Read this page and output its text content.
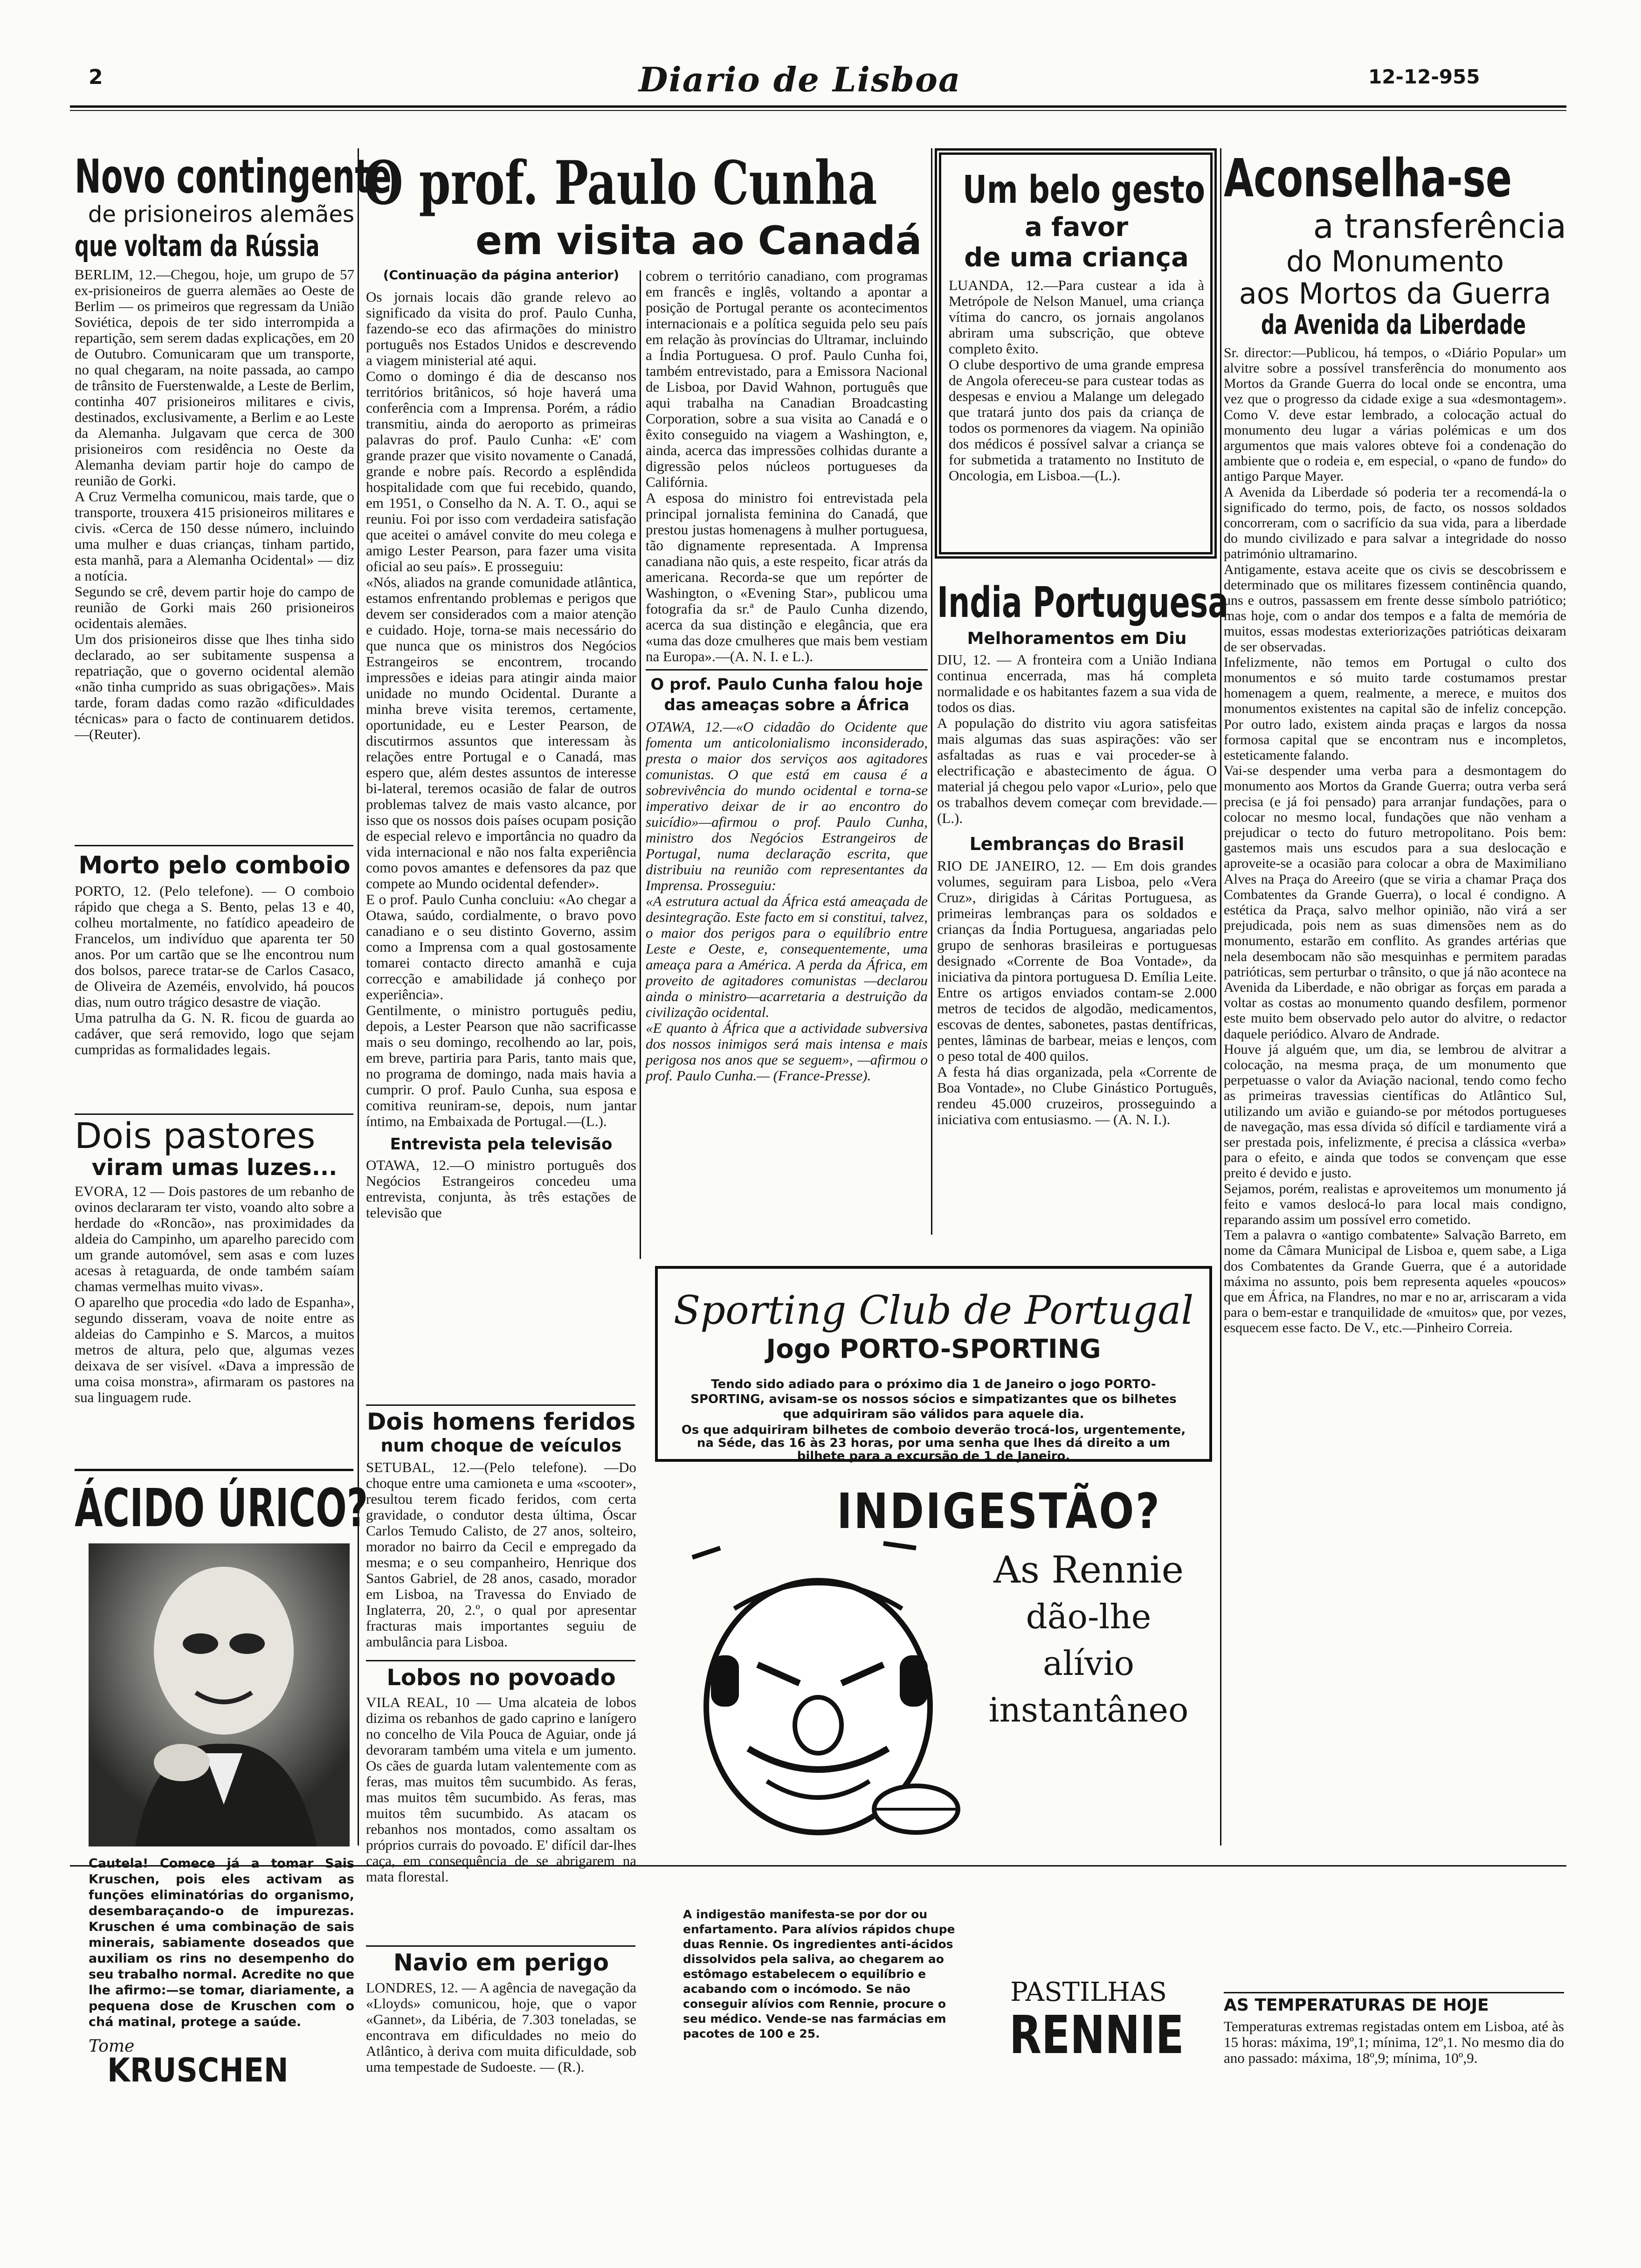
2	Diario de Lisboa	12-12-955
Novo contingente
de prisioneiros alemães
que voltam da Rússia

BERLIM, 12.—Chegou, hoje, um grupo de 57 ex-prisioneiros de guerra alemães ao Oeste de Berlim — os primeiros que regressam da União Soviética, depois de ter sido interrompida a repartição, sem serem dadas explicações, em 20 de Outubro. Comunicaram que um transporte, no qual chegaram, na noite passada, ao campo de trânsito de Fuerstenwalde, a Leste de Berlim, continha 407 prisioneiros militares e civis, destinados, exclusivamente, a Berlim e ao Leste da Alemanha. Julgavam que cerca de 300 prisioneiros com residência no Oeste da Alemanha deviam partir hoje do campo de reunião de Gorki.
A Cruz Vermelha comunicou, mais tarde, que o transporte, trouxera 415 prisioneiros militares e civis. «Cerca de 150 desse número, incluindo uma mulher e duas crianças, tinham partido, esta manhã, para a Alemanha Ocidental» — diz a notícia.
Segundo se crê, devem partir hoje do campo de reunião de Gorki mais 260 prisioneiros ocidentais alemães.
Um dos prisioneiros disse que lhes tinha sido declarado, ao ser subitamente suspensa a repatriação, que o governo ocidental alemão «não tinha cumprido as suas obrigações». Mais tarde, foram dadas como razão «dificuldades técnicas» para o facto de continuarem detidos.—(Reuter).

Morto pelo comboio

PORTO, 12. (Pelo telefone). — O comboio rápido que chega a S. Bento, pelas 13 e 40, colheu mortalmente, no fatídico apeadeiro de Francelos, um indivíduo que aparenta ter 50 anos. Por um cartão que se lhe encontrou num dos bolsos, parece tratar-se de Carlos Casaco, de Oliveira de Azeméis, envolvido, há poucos dias, num outro trágico desastre de viação.
Uma patrulha da G. N. R. ficou de guarda ao cadáver, que será removido, logo que sejam cumpridas as formalidades legais.

Dois pastores
viram umas luzes...

EVORA, 12 — Dois pastores de um rebanho de ovinos declararam ter visto, voando alto sobre a herdade do «Roncão», nas proximidades da aldeia do Campinho, um aparelho parecido com um grande automóvel, sem asas e com luzes acesas à retaguarda, de onde também saíam chamas vermelhas muito vivas».
O aparelho que procedia «do lado de Espanha», segundo disseram, voava de noite entre as aldeias do Campinho e S. Marcos, a muitos metros de altura, pelo que, algumas vezes deixava de ser visível. «Dava a impressão de uma coisa monstra», afirmaram os pastores na sua linguagem rude.

ÁCIDO ÚRICO?

Cautela! Comece já a tomar Sais Kruschen, pois eles activam as funções eliminatórias do organismo, desembaraçando-o de impurezas. Kruschen é uma combinação de sais minerais, sabiamente doseados que auxiliam os rins no desempenho do seu trabalho normal. Acredite no que lhe afirmo:—se tomar, diariamente, a pequena dose de Kruschen com o chá matinal, protege a saúde.

Tome
KRUSCHEN
O prof. Paulo Cunha
em visita ao Canadá
(Continuação da página anterior)

Os jornais locais dão grande relevo ao significado da visita do prof. Paulo Cunha, fazendo-se eco das afirmações do ministro português nos Estados Unidos e descrevendo a viagem ministerial até aqui.
Como o domingo é dia de descanso nos territórios britânicos, só hoje haverá uma conferência com a Imprensa. Porém, a rádio transmitiu, ainda do aeroporto as primeiras palavras do prof. Paulo Cunha: «E' com grande prazer que visito novamente o Canadá, grande e nobre país. Recordo a esplêndida hospitalidade com que fui recebido, quando, em 1951, o Conselho da N. A. T. O., aqui se reuniu. Foi por isso com verdadeira satisfação que aceitei o amável convite do meu colega e amigo Lester Pearson, para fazer uma visita oficial ao seu país». E prosseguiu:
«Nós, aliados na grande comunidade atlântica, estamos enfrentando problemas e perigos que devem ser considerados com a maior atenção e cuidado. Hoje, torna-se mais necessário do que nunca que os ministros dos Negócios Estrangeiros se encontrem, trocando impressões e ideias para atingir ainda maior unidade no mundo Ocidental. Durante a minha breve visita teremos, certamente, oportunidade, eu e Lester Pearson, de discutirmos assuntos que interessam às relações entre Portugal e o Canadá, mas espero que, além destes assuntos de interesse bi-lateral, teremos ocasião de falar de outros problemas talvez de mais vasto alcance, por isso que os nossos dois países ocupam posição de especial relevo e importância no quadro da vida internacional e não nos falta experiência como povos amantes e defensores da paz que compete ao Mundo ocidental defender».
E o prof. Paulo Cunha concluiu: «Ao chegar a Otawa, saúdo, cordialmente, o bravo povo canadiano e o seu distinto Governo, assim como a Imprensa com a qual gostosamente tomarei contacto directo amanhã e cuja correcção e amabilidade já conheço por experiência».
Gentilmente, o ministro português pediu, depois, a Lester Pearson que não sacrificasse mais o seu domingo, recolhendo ao lar, pois, em breve, partiria para Paris, tanto mais que, no programa de domingo, nada mais havia a cumprir. O prof. Paulo Cunha, sua esposa e comitiva reuniram-se, depois, num jantar íntimo, na Embaixada de Portugal.—(L.).

Entrevista pela televisão

OTAWA, 12.—O ministro português dos Negócios Estrangeiros concedeu uma entrevista, conjunta, às três estações de televisão que

cobrem o território canadiano, com programas em francês e inglês, voltando a apontar a posição de Portugal perante os acontecimentos internacionais e a política seguida pelo seu país em relação às províncias do Ultramar, incluindo a Índia Portuguesa. O prof. Paulo Cunha foi, também entrevistado, para a Emissora Nacional de Lisboa, por David Wahnon, português que aqui trabalha na Canadian Broadcasting Corporation, sobre a sua visita ao Canadá e o êxito conseguido na viagem a Washington, e, ainda, acerca das impressões colhidas durante a digressão pelos núcleos portugueses da Califórnia.
A esposa do ministro foi entrevistada pela principal jornalista feminina do Canadá, que prestou justas homenagens à mulher portuguesa, tão dignamente representada. A Imprensa canadiana não quis, a este respeito, ficar atrás da americana. Recorda-se que um repórter de Washington, o «Evening Star», publicou uma fotografia da sr.ª de Paulo Cunha dizendo, acerca da sua distinção e elegância, que era «uma das doze cmulheres que mais bem vestiam na Europa».—(A. N. I. e L.).

O prof. Paulo Cunha falou hoje das ameaças sobre a África

OTAWA, 12.—«O cidadão do Ocidente que fomenta um anticolonialismo inconsiderado, presta o maior dos serviços aos agitadores comunistas. O que está em causa é a sobrevivência do mundo ocidental e torna-se imperativo deixar de ir ao encontro do suicídio»—afirmou o prof. Paulo Cunha, ministro dos Negócios Estrangeiros de Portugal, numa declaração escrita, que distribuiu na reunião com representantes da Imprensa. Prosseguiu:
«A estrutura actual da África está ameaçada de desintegração. Este facto em si constitui, talvez, o maior dos perigos para o equilíbrio entre Leste e Oeste, e, consequentemente, uma ameaça para a América. A perda da África, em proveito de agitadores comunistas —declarou ainda o ministro—acarretaria a destruição da civilização ocidental.
«E quanto à África que a actividade subversiva dos nossos inimigos será mais intensa e mais perigosa nos anos que se seguem», —afirmou o prof. Paulo Cunha.— (France-Presse).

Dois homens feridos
num choque de veículos

SETUBAL, 12.—(Pelo telefone). —Do choque entre uma camioneta e uma «scooter», resultou terem ficado feridos, com certa gravidade, o condutor desta última, Óscar Carlos Temudo Calisto, de 27 anos, solteiro, morador no bairro da Cecil e empregado da mesma; e o seu companheiro, Henrique dos Santos Gabriel, de 28 anos, casado, morador em Lisboa, na Travessa do Enviado de Inglaterra, 20, 2.º, o qual por apresentar fracturas mais importantes seguiu de ambulância para Lisboa.

Lobos no povoado

VILA REAL, 10 — Uma alcateia de lobos dizima os rebanhos de gado caprino e lanígero no concelho de Vila Pouca de Aguiar, onde já devoraram também uma vitela e um jumento. Os cães de guarda lutam valentemente com as feras, mas muitos têm sucumbido. As feras, mas muitos têm sucumbido. As feras, mas muitos têm sucumbido. As atacam os rebanhos nos montados, como assaltam os próprios currais do povoado. E' difícil dar-lhes caça, em consequência de se abrigarem na mata florestal.

Navio em perigo

LONDRES, 12. — A agência de navegação da «Lloyds» comunicou, hoje, que o vapor «Gannet», da Libéria, de 7.303 toneladas, se encontrava em dificuldades no meio do Atlântico, à deriva com muita dificuldade, sob uma tempestade de Sudoeste. — (R.).

Um belo gesto
a favor
de uma criança

LUANDA, 12.—Para custear a ida à Metrópole de Nelson Manuel, uma criança vítima do cancro, os jornais angolanos abriram uma subscrição, que obteve completo êxito.
O clube desportivo de uma grande empresa de Angola ofereceu-se para custear todas as despesas e enviou a Malange um delegado que tratará junto dos pais da criança de todos os pormenores da viagem. Na opinião dos médicos é possível salvar a criança se for submetida a tratamento no Instituto de Oncologia, em Lisboa.—(L.).

India Portuguesa
Melhoramentos em Diu

DIU, 12. — A fronteira com a União Indiana continua encerrada, mas há completa normalidade e os habitantes fazem a sua vida de todos os dias.
A população do distrito viu agora satisfeitas mais algumas das suas aspirações: vão ser asfaltadas as ruas e vai proceder-se à electrificação e abastecimento de água. O material já chegou pelo vapor «Lurio», pelo que os trabalhos devem começar com brevidade.—(L.).

Lembranças do Brasil

RIO DE JANEIRO, 12. — Em dois grandes volumes, seguiram para Lisboa, pelo «Vera Cruz», dirigidas à Cáritas Portuguesa, as primeiras lembranças para os soldados e crianças da Índia Portuguesa, angariadas pelo grupo de senhoras brasileiras e portuguesas designado «Corrente de Boa Vontade», da iniciativa da pintora portuguesa D. Emília Leite. Entre os artigos enviados contam-se 2.000 metros de tecidos de algodão, medicamentos, escovas de dentes, sabonetes, pastas dentífricas, pentes, lâminas de barbear, meias e lenços, com o peso total de 400 quilos.
A festa há dias organizada, pela «Corrente de Boa Vontade», no Clube Ginástico Português, rendeu 45.000 cruzeiros, prosseguindo a iniciativa com entusiasmo. — (A. N. I.).

Aconselha-se
a transferência
do Monumento
aos Mortos da Guerra
da Avenida da Liberdade

Sr. director:—Publicou, há tempos, o «Diário Popular» um alvitre sobre a possível transferência do monumento aos Mortos da Grande Guerra do local onde se encontra, uma vez que o progresso da cidade exige a sua «desmontagem». Como V. deve estar lembrado, a colocação actual do monumento deu lugar a várias polémicas e um dos argumentos que mais valores obteve foi a condenação do ambiente que o rodeia e, em especial, o «pano de fundo» do antigo Parque Mayer.
A Avenida da Liberdade só poderia ter a recomendá-la o significado do termo, pois, de facto, os nossos soldados concorreram, com o sacrifício da sua vida, para a liberdade do mundo civilizado e para salvar a integridade do nosso património ultramarino.
Antigamente, estava aceite que os civis se descobrissem e determinado que os militares fizessem continência quando, uns e outros, passassem em frente desse símbolo patriótico; mas hoje, com o andar dos tempos e a falta de memória de muitos, essas modestas exteriorizações patrióticas deixaram de ser observadas.
Infelizmente, não temos em Portugal o culto dos monumentos e só muito tarde costumamos prestar homenagem a quem, realmente, a merece, e muitos dos monumentos existentes na capital são de infeliz concepção. Por outro lado, existem ainda praças e largos da nossa formosa capital que se encontram nus e incompletos, esteticamente falando.
Vai-se despender uma verba para a desmontagem do monumento aos Mortos da Grande Guerra; outra verba será precisa (e já foi pensado) para arranjar fundações, para o colocar no mesmo local, fundações que não venham a prejudicar o tecto do futuro metropolitano. Pois bem: gastemos mais uns escudos para a sua deslocação e aproveite-se a ocasião para colocar a obra de Maximiliano Alves na Praça do Areeiro (que se viria a chamar Praça dos Combatentes da Grande Guerra), o local é condigno. A estética da Praça, salvo melhor opinião, não virá a ser prejudicada, pois nem as suas dimensões nem as do monumento, estarão em conflito. As grandes artérias que nela desembocam não são mesquinhas e permitem paradas patrióticas, sem perturbar o trânsito, o que já não acontece na Avenida da Liberdade, e não obrigar as forças em parada a voltar as costas ao monumento quando desfilem, pormenor este muito bem observado pelo autor do alvitre, o redactor daquele periódico. Alvaro de Andrade.
Houve já alguém que, um dia, se lembrou de alvitrar a colocação, na mesma praça, de um monumento que perpetuasse o valor da Aviação nacional, tendo como fecho as primeiras travessias científicas do Atlântico Sul, utilizando um avião e guiando-se por métodos portugueses de navegação, mas essa dívida só difícil e tardiamente virá a ser prestada pois, infelizmente, é precisa a clássica «verba» para o efeito, e ainda que todos se convençam que esse preito é devido e justo.
Sejamos, porém, realistas e aproveitemos um monumento já feito e vamos deslocá-lo para local mais condigno, reparando assim um possível erro cometido.
Tem a palavra o «antigo combatente» Salvação Barreto, em nome da Câmara Municipal de Lisboa e, quem sabe, a Liga dos Combatentes da Grande Guerra, que é a autoridade máxima no assunto, pois bem representa aqueles «poucos» que em África, na Flandres, no mar e no ar, arriscaram a vida para o bem-estar e tranquilidade de «muitos» que, por vezes, esquecem esse facto. De V., etc.—Pinheiro Correia.

AS TEMPERATURAS DE HOJE

Temperaturas extremas registadas ontem em Lisboa, até às 15 horas: máxima, 19º,1; mínima, 12º,1. No mesmo dia do ano passado: máxima, 18º,9; mínima, 10º,9.

Sporting Club de Portugal
Jogo PORTO-SPORTING

Tendo sido adiado para o próximo dia 1 de Janeiro o jogo PORTO-SPORTING, avisam-se os nossos sócios e simpatizantes que os bilhetes que adquiriram são válidos para aquele dia.

Os que adquiriram bilhetes de comboio deverão trocá-los, urgentemente, na Séde, das 16 às 23 horas, por uma senha que lhes dá direito a um bilhete para a excursão de 1 de Janeiro.

INDIGESTÃO?
As Rennie
dão-lhe
alívio
instantâneo

A indigestão manifesta-se por dor ou enfartamento. Para alívios rápidos chupe duas Rennie. Os ingredientes anti-ácidos dissolvidos pela saliva, ao chegarem ao estômago estabelecem o equilíbrio e acabando com o incómodo. Se não conseguir alívios com Rennie, procure o seu médico. Vende-se nas farmácias em pacotes de 100 e 25.

PASTILHAS
RENNIE
